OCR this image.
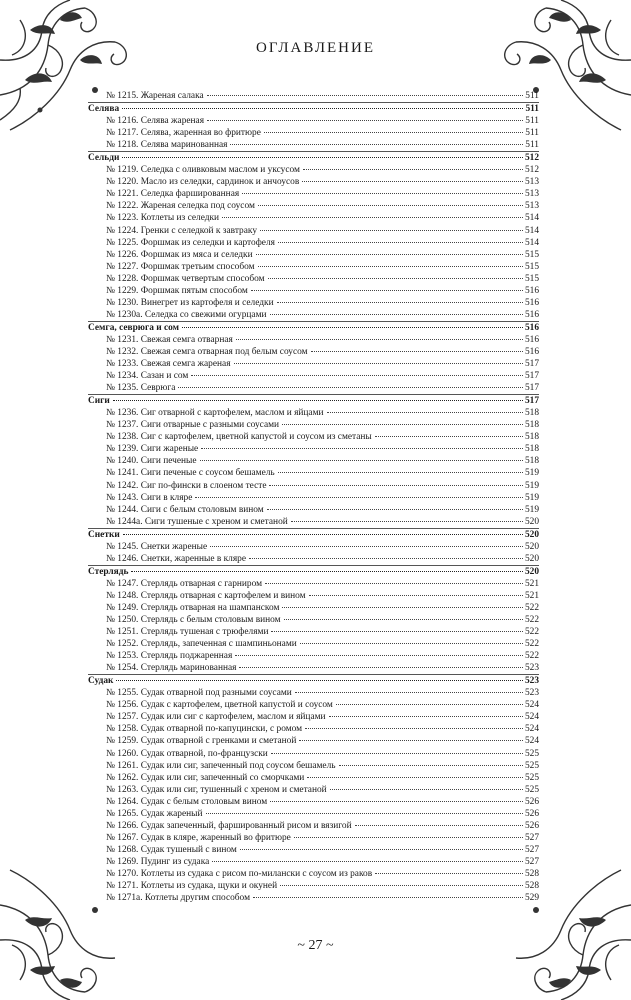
ОГЛАВЛЕНИЕ
№ 1215. Жареная салака	511
Селява	511
№ 1216. Селява жареная	511
№ 1217. Селява, жаренная во фритюре	511
№ 1218. Селява маринованная	511
Сельди	512
№ 1219. Селедка с оливковым маслом и уксусом	512
№ 1220. Масло из селедки, сардинок и анчоусов	513
№ 1221. Селедка фаршированная	513
№ 1222. Жареная селедка под соусом	513
№ 1223. Котлеты из селедки	514
№ 1224. Гренки с селедкой к завтраку	514
№ 1225. Форшмак из селедки и картофеля	514
№ 1226. Форшмак из мяса и селедки	515
№ 1227. Форшмак третьим способом	515
№ 1228. Форшмак четвертым способом	515
№ 1229. Форшмак пятым способом	516
№ 1230. Винегрет из картофеля и селедки	516
№ 1230а. Селедка со свежими огурцами	516
Семга, севрюга и сом	516
№ 1231. Свежая семга отварная	516
№ 1232. Свежая семга отварная под белым соусом	516
№ 1233. Свежая семга жареная	517
№ 1234. Сазан и сом	517
№ 1235. Севрюга	517
Сиги	517
№ 1236. Сиг отварной с картофелем, маслом и яйцами	518
№ 1237. Сиги отварные с разными соусами	518
№ 1238. Сиг с картофелем, цветной капустой и соусом из сметаны	518
№ 1239. Сиги жареные	518
№ 1240. Сиги печеные	518
№ 1241. Сиги печеные с соусом бешамель	519
№ 1242. Сиг по-фински в слоеном тесте	519
№ 1243. Сиги в кляре	519
№ 1244. Сиги с белым столовым вином	519
№ 1244а. Сиги тушеные с хреном и сметаной	520
Снетки	520
№ 1245. Снетки жареные	520
№ 1246. Снетки, жаренные в кляре	520
Стерлядь	520
№ 1247. Стерлядь отварная с гарниром	521
№ 1248. Стерлядь отварная с картофелем и вином	521
№ 1249. Стерлядь отварная на шампанском	522
№ 1250. Стерлядь с белым столовым вином	522
№ 1251. Стерлядь тушеная с трюфелями	522
№ 1252. Стерлядь, запеченная с шампиньонами	522
№ 1253. Стерлядь поджаренная	522
№ 1254. Стерлядь маринованная	523
Судак	523
№ 1255. Судак отварной под разными соусами	523
№ 1256. Судак с картофелем, цветной капустой и соусом	524
№ 1257. Судак или сиг с картофелем, маслом и яйцами	524
№ 1258. Судак отварной по-капуцински, с ромом	524
№ 1259. Судак отварной с гренками и сметаной	524
№ 1260. Судак отварной, по-французски	525
№ 1261. Судак или сиг, запеченный под соусом бешамель	525
№ 1262. Судак или сиг, запеченный со сморчками	525
№ 1263. Судак или сиг, тушенный с хреном и сметаной	525
№ 1264. Судак с белым столовым вином	526
№ 1265. Судак жареный	526
№ 1266. Судак запеченный, фаршированный рисом и вязигой	526
№ 1267. Судак в кляре, жаренный во фритюре	527
№ 1268. Судак тушеный с вином	527
№ 1269. Пудинг из судака	527
№ 1270. Котлеты из судака с рисом по-милански с соусом из раков	528
№ 1271. Котлеты из судака, щуки и окуней	528
№ 1271а. Котлеты другим способом	529
~ 27 ~
